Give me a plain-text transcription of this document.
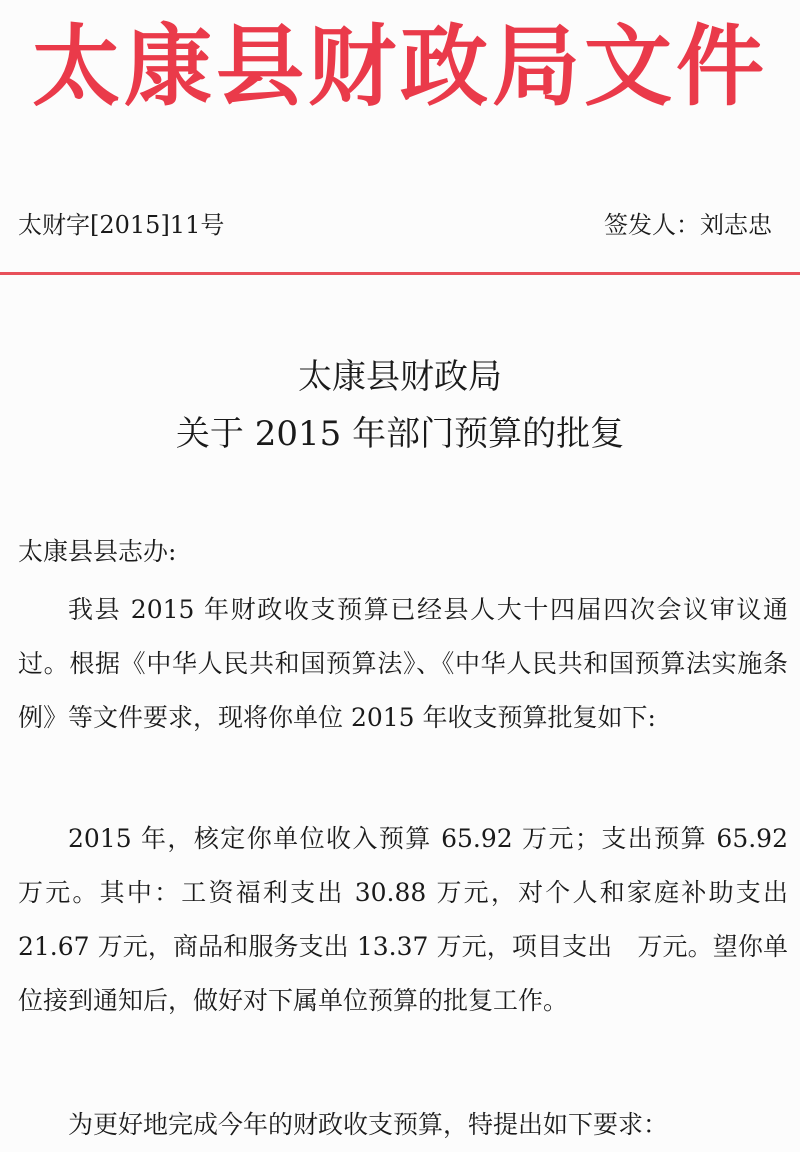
太康县财政局文件
太财字[2015]11号	签发人：刘志忠
太康县财政局
关于 2015 年部门预算的批复
太康县县志办:

我县 2015 年财政收支预算已经县人大十四届四次会议审议通过。根据《中华人民共和国预算法》、《中华人民共和国预算法实施条例》等文件要求，现将你单位 2015 年收支预算批复如下:

2015 年，核定你单位收入预算 65.92 万元；支出预算 65.92 万元。其中：工资福利支出 30.88 万元，对个人和家庭补助支出 21.67 万元，商品和服务支出 13.37 万元，项目支出　万元。望你单位接到通知后，做好对下属单位预算的批复工作。

为更好地完成今年的财政收支预算，特提出如下要求：
